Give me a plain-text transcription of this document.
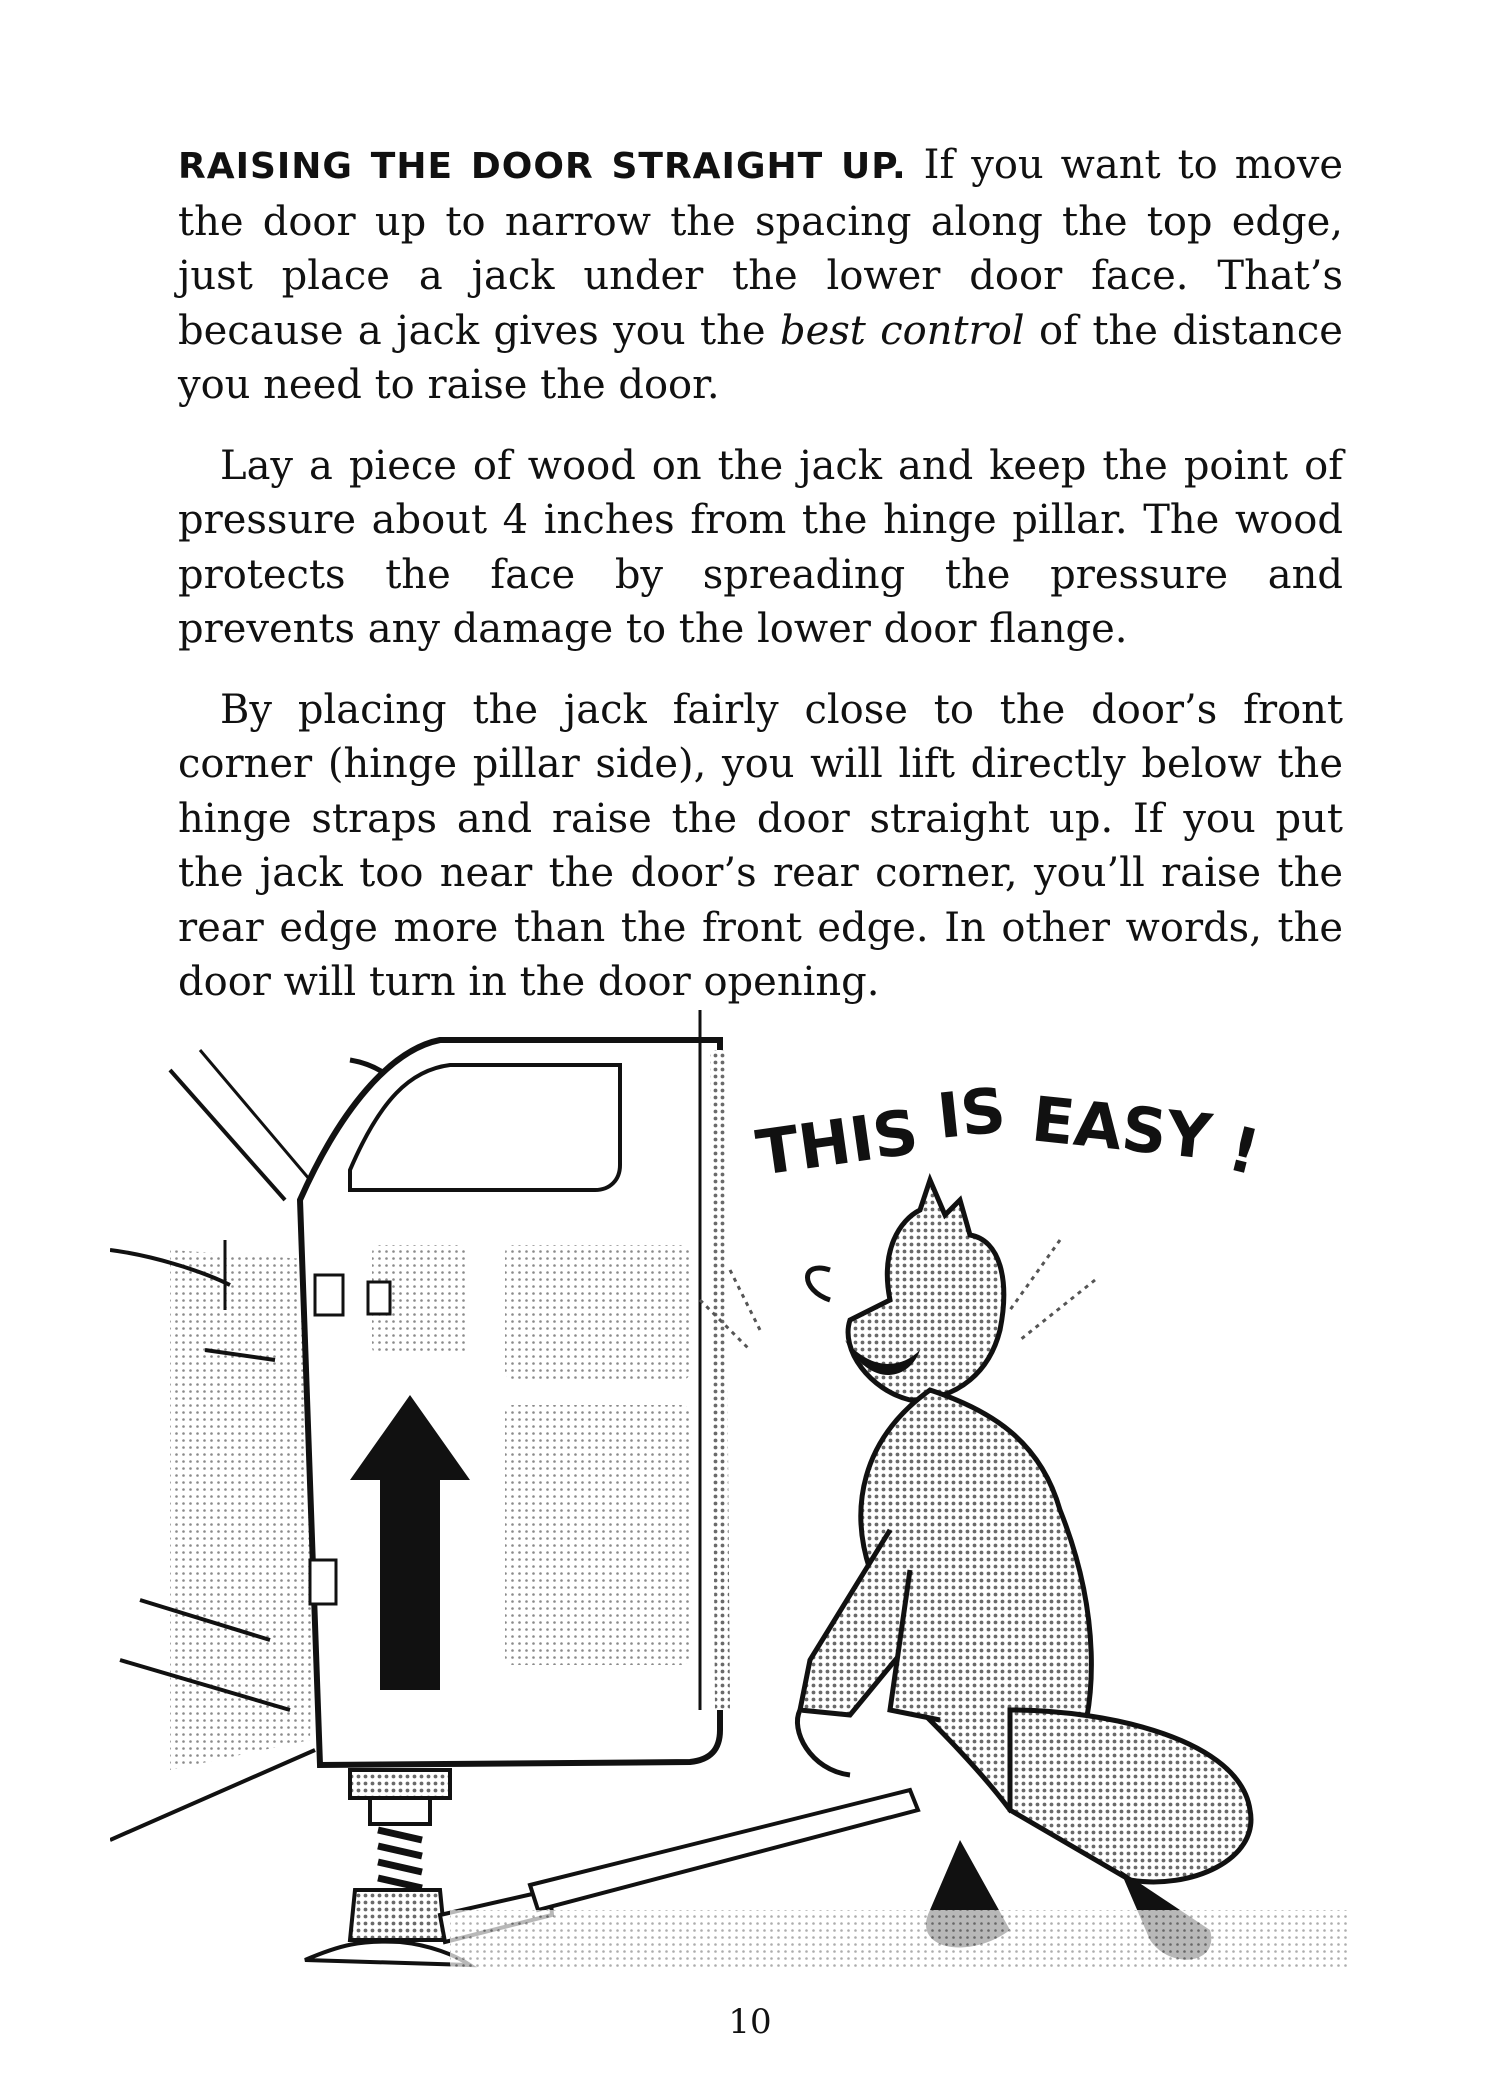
RAISING THE DOOR STRAIGHT UP. If you want to move the door up to narrow the spacing along the top edge, just place a jack under the lower door face. That’s because a jack gives you the best control of the distance you need to raise the door.

Lay a piece of wood on the jack and keep the point of pressure about 4 inches from the hinge pillar. The wood protects the face by spreading the pressure and prevents any damage to the lower door flange.

By placing the jack fairly close to the door’s front corner (hinge pillar side), you will lift directly below the hinge straps and raise the door straight up. If you put the jack too near the door’s rear corner, you’ll raise the rear edge more than the front edge. In other words, the door will turn in the door opening.

THIS IS EASY !
10
